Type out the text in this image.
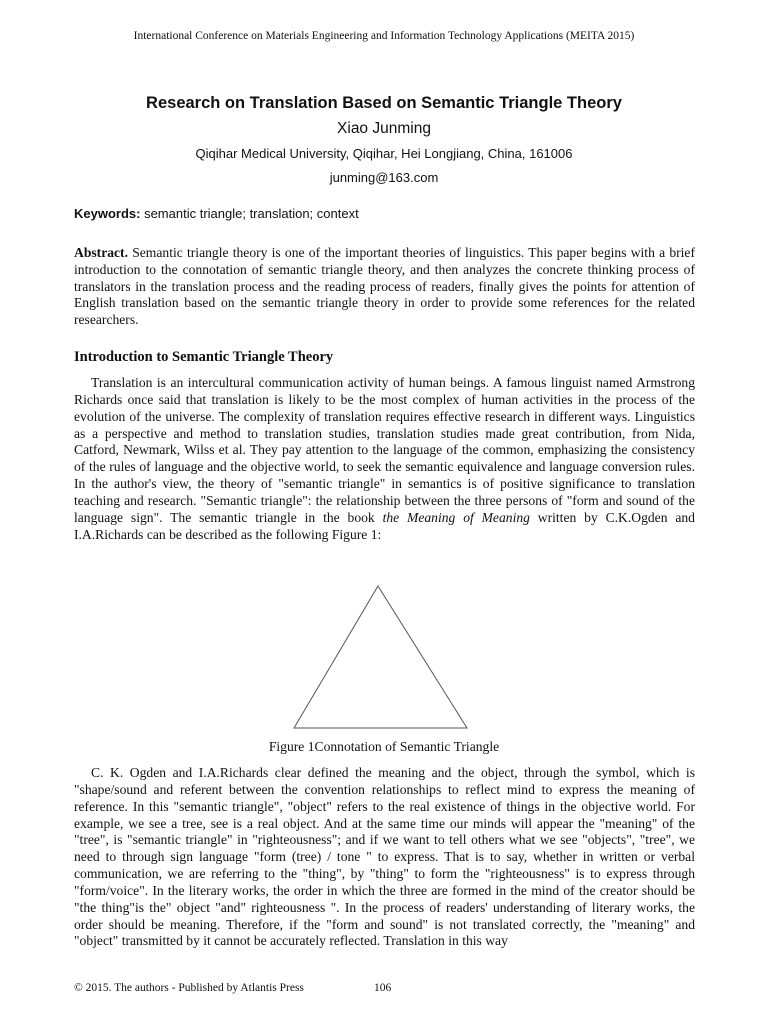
International Conference on Materials Engineering and Information Technology Applications (MEITA 2015)
Research on Translation Based on Semantic Triangle Theory
Xiao Junming
Qiqihar Medical University, Qiqihar, Hei Longjiang, China, 161006
junming@163.com
Keywords: semantic triangle; translation; context
Abstract. Semantic triangle theory is one of the important theories of linguistics. This paper begins with a brief introduction to the connotation of semantic triangle theory, and then analyzes the concrete thinking process of translators in the translation process and the reading process of readers, finally gives the points for attention of English translation based on the semantic triangle theory in order to provide some references for the related researchers.
Introduction to Semantic Triangle Theory
Translation is an intercultural communication activity of human beings. A famous linguist named Armstrong Richards once said that translation is likely to be the most complex of human activities in the process of the evolution of the universe. The complexity of translation requires effective research in different ways. Linguistics as a perspective and method to translation studies, translation studies made great contribution, from Nida, Catford, Newmark, Wilss et al. They pay attention to the language of the common, emphasizing the consistency of the rules of language and the objective world, to seek the semantic equivalence and language conversion rules. In the author's view, the theory of "semantic triangle" in semantics is of positive significance to translation teaching and research. "Semantic triangle": the relationship between the three persons of "form and sound of the language sign". The semantic triangle in the book the Meaning of Meaning written by C.K.Ogden and I.A.Richards can be described as the following Figure 1:
Figure 1Connotation of Semantic Triangle
C. K. Ogden and I.A.Richards clear defined the meaning and the object, through the symbol, which is "shape/sound and referent between the convention relationships to reflect mind to express the meaning of reference. In this "semantic triangle", "object" refers to the real existence of things in the objective world. For example, we see a tree, see is a real object. And at the same time our minds will appear the "meaning" of the "tree", is "semantic triangle" in "righteousness"; and if we want to tell others what we see "objects", "tree", we need to through sign language "form (tree) / tone " to express. That is to say, whether in written or verbal communication, we are referring to the "thing", by "thing" to form the "righteousness" is to express through "form/voice". In the literary works, the order in which the three are formed in the mind of the creator should be "the thing"is the" object "and" righteousness ". In the process of readers' understanding of literary works, the order should be meaning. Therefore, if the "form and sound" is not translated correctly, the "meaning" and "object" transmitted by it cannot be accurately reflected. Translation in this way
© 2015. The authors - Published by Atlantis Press	106
